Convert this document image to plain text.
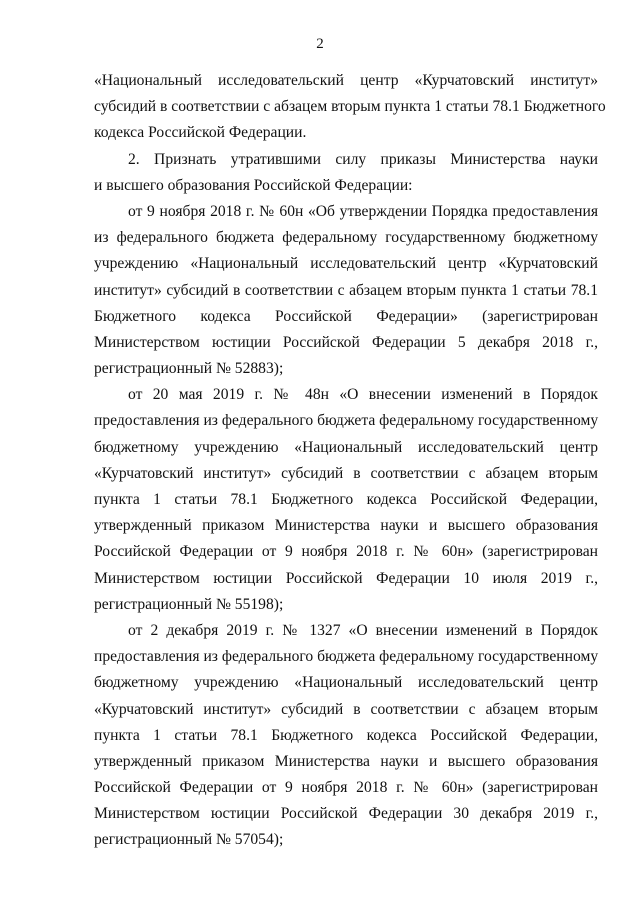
2
«Национальный исследовательский центр «Курчатовский институт»
субсидий в соответствии с абзацем вторым пункта 1 статьи 78.1 Бюджетного
кодекса Российской Федерации.
2. Признать утратившими силу приказы Министерства науки
и высшего образования Российской Федерации:
от 9 ноября 2018 г. № 60н «Об утверждении Порядка предоставления
из федерального бюджета федеральному государственному бюджетному
учреждению «Национальный исследовательский центр «Курчатовский
институт» субсидий в соответствии с абзацем вторым пункта 1 статьи 78.1
Бюджетного кодекса Российской Федерации» (зарегистрирован
Министерством юстиции Российской Федерации 5 декабря 2018 г.,
регистрационный № 52883);
от 20 мая 2019 г. № 48н «О внесении изменений в Порядок
предоставления из федерального бюджета федеральному государственному
бюджетному учреждению «Национальный исследовательский центр
«Курчатовский институт» субсидий в соответствии с абзацем вторым
пункта 1 статьи 78.1 Бюджетного кодекса Российской Федерации,
утвержденный приказом Министерства науки и высшего образования
Российской Федерации от 9 ноября 2018 г. № 60н» (зарегистрирован
Министерством юстиции Российской Федерации 10 июля 2019 г.,
регистрационный № 55198);
от 2 декабря 2019 г. № 1327 «О внесении изменений в Порядок
предоставления из федерального бюджета федеральному государственному
бюджетному учреждению «Национальный исследовательский центр
«Курчатовский институт» субсидий в соответствии с абзацем вторым
пункта 1 статьи 78.1 Бюджетного кодекса Российской Федерации,
утвержденный приказом Министерства науки и высшего образования
Российской Федерации от 9 ноября 2018 г. № 60н» (зарегистрирован
Министерством юстиции Российской Федерации 30 декабря 2019 г.,
регистрационный № 57054);
